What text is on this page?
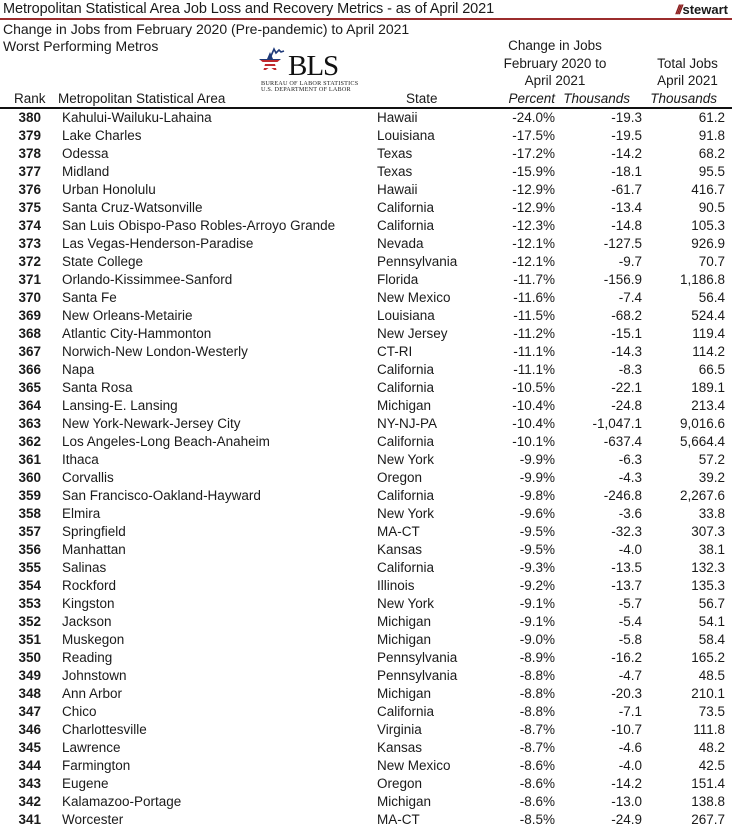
Metropolitan Statistical Area Job Loss and Recovery Metrics - as of April 2021	/// stewart
Change in Jobs from February 2020 (Pre-pandemic) to April 2021
Worst Performing Metros
BLS
BUREAU OF LABOR STATISTICS
U.S. DEPARTMENT OF LABOR
Change in Jobs
February 2020 to
April 2021
Total Jobs
April 2021
Rank Metropolitan Statistical Area	State	Percent Thousands	Thousands
380 Kahului-Wailuku-Lahaina	Hawaii	-24.0%	-19.3	61.2
379 Lake Charles	Louisiana	-17.5%	-19.5	91.8
378 Odessa	Texas	-17.2%	-14.2	68.2
377 Midland	Texas	-15.9%	-18.1	95.5
376 Urban Honolulu	Hawaii	-12.9%	-61.7	416.7
375 Santa Cruz-Watsonville	California	-12.9%	-13.4	90.5
374 San Luis Obispo-Paso Robles-Arroyo Grande	California	-12.3%	-14.8	105.3
373 Las Vegas-Henderson-Paradise	Nevada	-12.1%	-127.5	926.9
372 State College	Pennsylvania	-12.1%	-9.7	70.7
371 Orlando-Kissimmee-Sanford	Florida	-11.7%	-156.9	1,186.8
370 Santa Fe	New Mexico	-11.6%	-7.4	56.4
369 New Orleans-Metairie	Louisiana	-11.5%	-68.2	524.4
368 Atlantic City-Hammonton	New Jersey	-11.2%	-15.1	119.4
367 Norwich-New London-Westerly	CT-RI	-11.1%	-14.3	114.2
366 Napa	California	-11.1%	-8.3	66.5
365 Santa Rosa	California	-10.5%	-22.1	189.1
364 Lansing-E. Lansing	Michigan	-10.4%	-24.8	213.4
363 New York-Newark-Jersey City	NY-NJ-PA	-10.4%	-1,047.1	9,016.6
362 Los Angeles-Long Beach-Anaheim	California	-10.1%	-637.4	5,664.4
361 Ithaca	New York	-9.9%	-6.3	57.2
360 Corvallis	Oregon	-9.9%	-4.3	39.2
359 San Francisco-Oakland-Hayward	California	-9.8%	-246.8	2,267.6
358 Elmira	New York	-9.6%	-3.6	33.8
357 Springfield	MA-CT	-9.5%	-32.3	307.3
356 Manhattan	Kansas	-9.5%	-4.0	38.1
355 Salinas	California	-9.3%	-13.5	132.3
354 Rockford	Illinois	-9.2%	-13.7	135.3
353 Kingston	New York	-9.1%	-5.7	56.7
352 Jackson	Michigan	-9.1%	-5.4	54.1
351 Muskegon	Michigan	-9.0%	-5.8	58.4
350 Reading	Pennsylvania	-8.9%	-16.2	165.2
349 Johnstown	Pennsylvania	-8.8%	-4.7	48.5
348 Ann Arbor	Michigan	-8.8%	-20.3	210.1
347 Chico	California	-8.8%	-7.1	73.5
346 Charlottesville	Virginia	-8.7%	-10.7	111.8
345 Lawrence	Kansas	-8.7%	-4.6	48.2
344 Farmington	New Mexico	-8.6%	-4.0	42.5
343 Eugene	Oregon	-8.6%	-14.2	151.4
342 Kalamazoo-Portage	Michigan	-8.6%	-13.0	138.8
341 Worcester	MA-CT	-8.5%	-24.9	267.7
